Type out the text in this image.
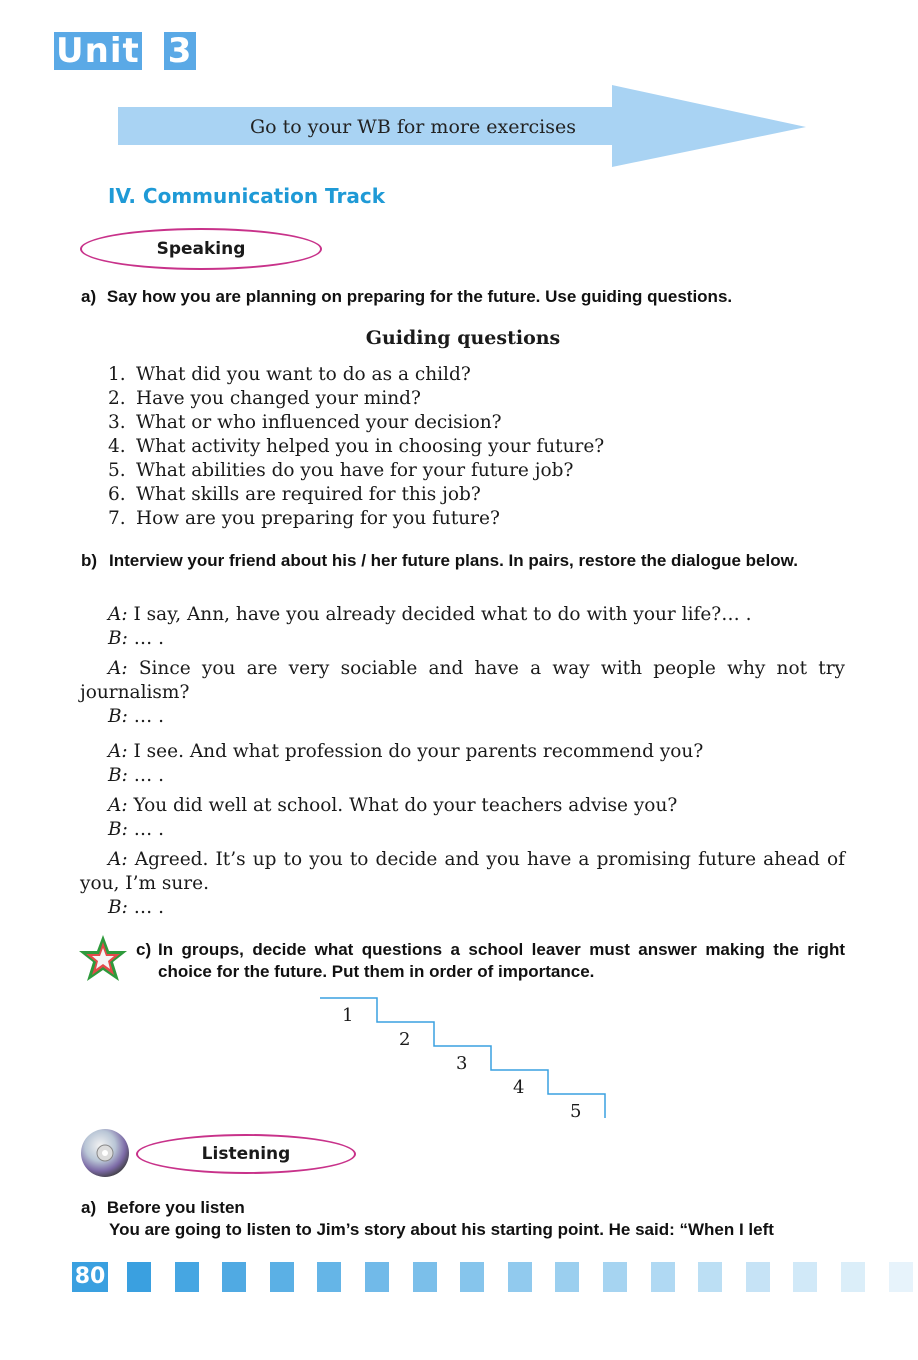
Unit 3
Go to your WB for more exercises
IV. Communication Track
Speaking
a) Say how you are planning on preparing for the future. Use guiding questions.
Guiding questions
1. What did you want to do as a child?
2. Have you changed your mind?
3. What or who influenced your decision?
4. What activity helped you in choosing your future?
5. What abilities do you have for your future job?
6. What skills are required for this job?
7. How are you preparing for you future?
b) Interview your friend about his / her future plans. In pairs, restore the dialogue below.
A: I say, Ann, have you already decided what to do with your life?… .
B: … .
A: Since you are very sociable and have a way with people why not try journalism?
B: … .
A: I see. And what profession do your parents recommend you?
B: … .
A: You did well at school. What do your teachers advise you?
B: … .
A: Agreed. It’s up to you to decide and you have a promising future ahead of you, I’m sure.
B: … .
c) In groups, decide what questions a school leaver must answer making the right choice for the future. Put them in order of importance.
1
2
3
4
5
Listening
a) Before you listen
You are going to listen to Jim’s story about his starting point. He said: “When I left
80
